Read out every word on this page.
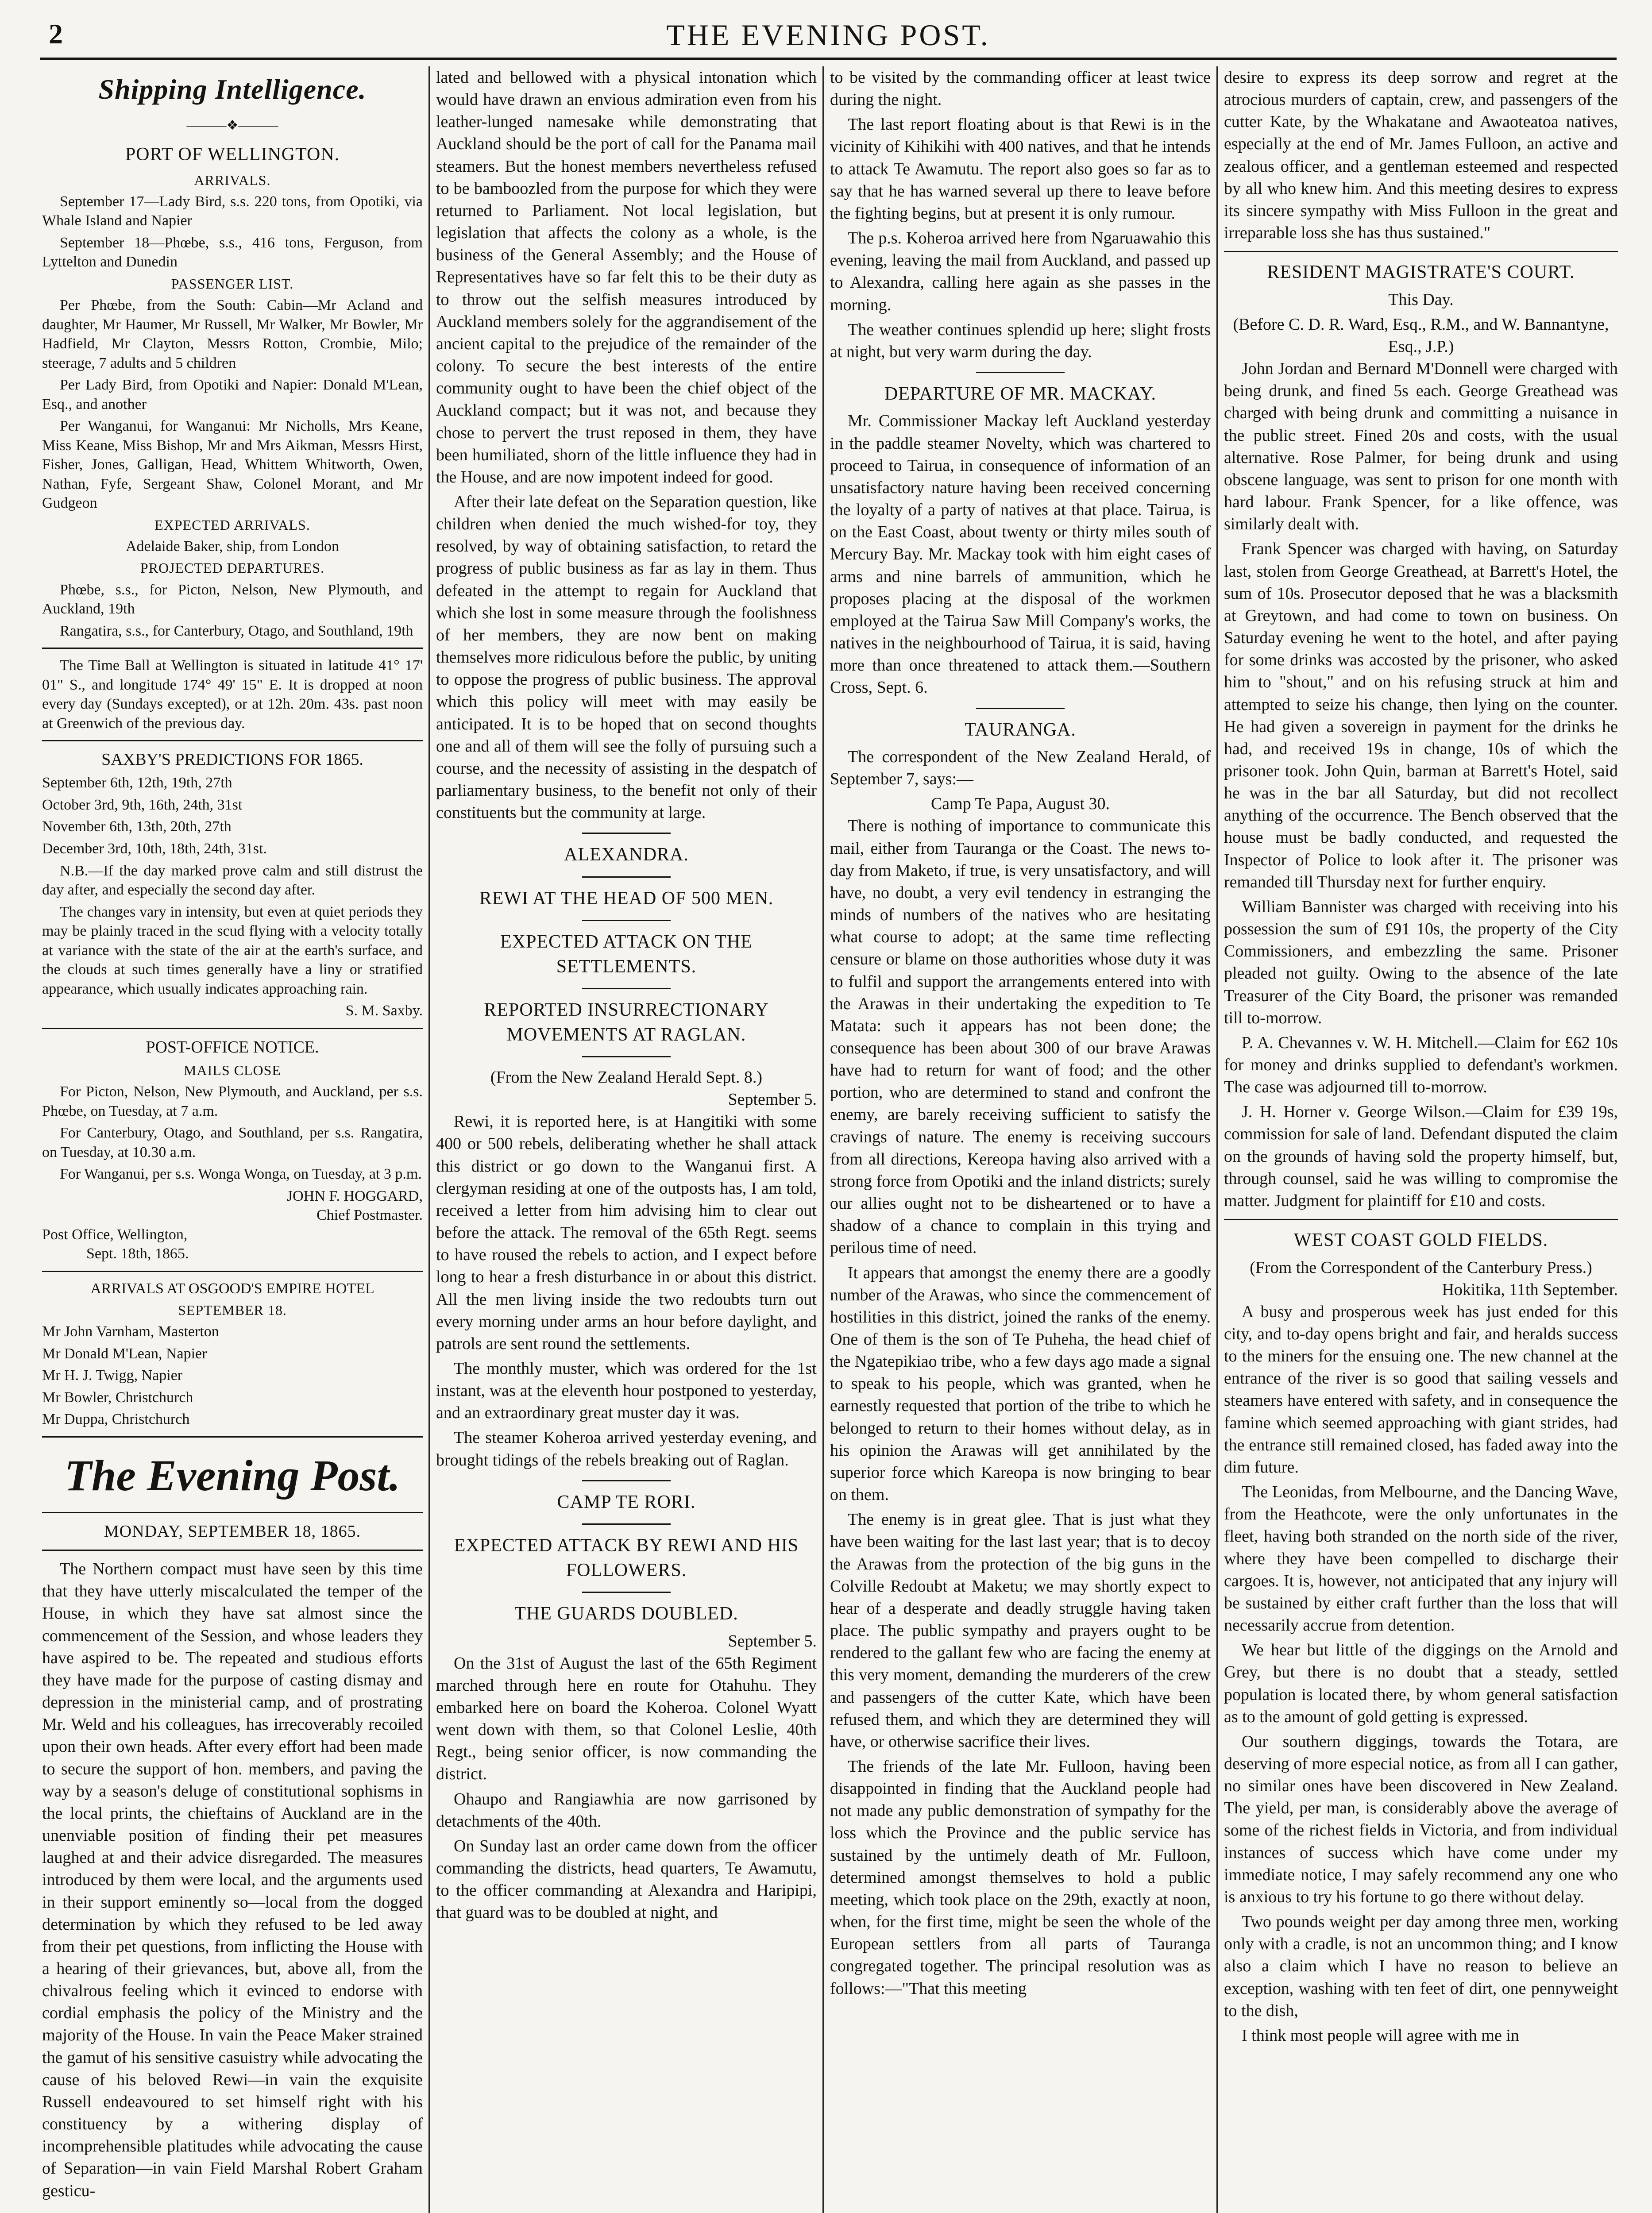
2	THE EVENING POST.
Shipping Intelligence.
———❖———
PORT OF WELLINGTON.
ARRIVALS.

September 17—Lady Bird, s.s. 220 tons, from Opotiki, via Whale Island and Napier

September 18—Phœbe, s.s., 416 tons, Ferguson, from Lyttelton and Dunedin

PASSENGER LIST.

Per Phœbe, from the South: Cabin—Mr Acland and daughter, Mr Haumer, Mr Russell, Mr Walker, Mr Bowler, Mr Hadfield, Mr Clayton, Messrs Rotton, Crombie, Milo; steerage, 7 adults and 5 children

Per Lady Bird, from Opotiki and Napier: Donald M'Lean, Esq., and another

Per Wanganui, for Wanganui: Mr Nicholls, Mrs Keane, Miss Keane, Miss Bishop, Mr and Mrs Aikman, Messrs Hirst, Fisher, Jones, Galligan, Head, Whittem Whitworth, Owen, Nathan, Fyfe, Sergeant Shaw, Colonel Morant, and Mr Gudgeon

EXPECTED ARRIVALS.
Adelaide Baker, ship, from London
PROJECTED DEPARTURES.

Phœbe, s.s., for Picton, Nelson, New Plymouth, and Auckland, 19th

Rangatira, s.s., for Canterbury, Otago, and Southland, 19th

The Time Ball at Wellington is situated in latitude 41° 17' 01" S., and longitude 174° 49' 15" E. It is dropped at noon every day (Sundays excepted), or at 12h. 20m. 43s. past noon at Greenwich of the previous day.

SAXBY'S PREDICTIONS FOR 1865.

September 6th, 12th, 19th, 27th

October 3rd, 9th, 16th, 24th, 31st

November 6th, 13th, 20th, 27th

December 3rd, 10th, 18th, 24th, 31st.

N.B.—If the day marked prove calm and still distrust the day after, and especially the second day after.

The changes vary in intensity, but even at quiet periods they may be plainly traced in the scud flying with a velocity totally at variance with the state of the air at the earth's surface, and the clouds at such times generally have a liny or stratified appearance, which usually indicates approaching rain.

S. M. Saxby.
POST-OFFICE NOTICE.
MAILS CLOSE

For Picton, Nelson, New Plymouth, and Auckland, per s.s. Phœbe, on Tuesday, at 7 a.m.

For Canterbury, Otago, and Southland, per s.s. Rangatira, on Tuesday, at 10.30 a.m.

For Wanganui, per s.s. Wonga Wonga, on Tuesday, at 3 p.m.

JOHN F. HOGGARD,
Chief Postmaster.
Post Office, Wellington,
Sept. 18th, 1865.
ARRIVALS AT OSGOOD'S EMPIRE HOTEL
SEPTEMBER 18.

Mr John Varnham, Masterton

Mr Donald M'Lean, Napier

Mr H. J. Twigg, Napier

Mr Bowler, Christchurch

Mr Duppa, Christchurch

The Evening Post.
MONDAY, SEPTEMBER 18, 1865.

The Northern compact must have seen by this time that they have utterly miscalculated the temper of the House, in which they have sat almost since the commencement of the Session, and whose leaders they have aspired to be. The repeated and studious efforts they have made for the purpose of casting dismay and depression in the ministerial camp, and of prostrating Mr. Weld and his colleagues, has irrecoverably recoiled upon their own heads. After every effort had been made to secure the support of hon. members, and paving the way by a season's deluge of constitutional sophisms in the local prints, the chieftains of Auckland are in the unenviable position of finding their pet measures laughed at and their advice disregarded. The measures introduced by them were local, and the arguments used in their support eminently so—local from the dogged determination by which they refused to be led away from their pet questions, from inflicting the House with a hearing of their grievances, but, above all, from the chivalrous feeling which it evinced to endorse with cordial emphasis the policy of the Ministry and the majority of the House. In vain the Peace Maker strained the gamut of his sensitive casuistry while advocating the cause of his beloved Rewi—in vain the exquisite Russell endeavoured to set himself right with his constituency by a withering display of incomprehensible platitudes while advocating the cause of Separation—in vain Field Marshal Robert Graham gesticu-

lated and bellowed with a physical intonation which would have drawn an envious admiration even from his leather-lunged namesake while demonstrating that Auckland should be the port of call for the Panama mail steamers. But the honest members nevertheless refused to be bamboozled from the purpose for which they were returned to Parliament. Not local legislation, but legislation that affects the colony as a whole, is the business of the General Assembly; and the House of Representatives have so far felt this to be their duty as to throw out the selfish measures introduced by Auckland members solely for the aggrandisement of the ancient capital to the prejudice of the remainder of the colony. To secure the best interests of the entire community ought to have been the chief object of the Auckland compact; but it was not, and because they chose to pervert the trust reposed in them, they have been humiliated, shorn of the little influence they had in the House, and are now impotent indeed for good.

After their late defeat on the Separation question, like children when denied the much wished-for toy, they resolved, by way of obtaining satisfaction, to retard the progress of public business as far as lay in them. Thus defeated in the attempt to regain for Auckland that which she lost in some measure through the foolishness of her members, they are now bent on making themselves more ridiculous before the public, by uniting to oppose the progress of public business. The approval which this policy will meet with may easily be anticipated. It is to be hoped that on second thoughts one and all of them will see the folly of pursuing such a course, and the necessity of assisting in the despatch of parliamentary business, to the benefit not only of their constituents but the community at large.

ALEXANDRA.
REWI AT THE HEAD OF 500 MEN.
EXPECTED ATTACK ON THE SETTLEMENTS.
REPORTED INSURRECTIONARY MOVEMENTS AT RAGLAN.
(From the New Zealand Herald Sept. 8.)
September 5.

Rewi, it is reported here, is at Hangitiki with some 400 or 500 rebels, deliberating whether he shall attack this district or go down to the Wanganui first. A clergyman residing at one of the outposts has, I am told, received a letter from him advising him to clear out before the attack. The removal of the 65th Regt. seems to have roused the rebels to action, and I expect before long to hear a fresh disturbance in or about this district. All the men living inside the two redoubts turn out every morning under arms an hour before daylight, and patrols are sent round the settlements.

The monthly muster, which was ordered for the 1st instant, was at the eleventh hour postponed to yesterday, and an extraordinary great muster day it was.

The steamer Koheroa arrived yesterday evening, and brought tidings of the rebels breaking out of Raglan.

CAMP TE RORI.
EXPECTED ATTACK BY REWI AND HIS FOLLOWERS.
THE GUARDS DOUBLED.
September 5.

On the 31st of August the last of the 65th Regiment marched through here en route for Otahuhu. They embarked here on board the Koheroa. Colonel Wyatt went down with them, so that Colonel Leslie, 40th Regt., being senior officer, is now commanding the district.

Ohaupo and Rangiawhia are now garrisoned by detachments of the 40th.

On Sunday last an order came down from the officer commanding the districts, head quarters, Te Awamutu, to the officer commanding at Alexandra and Haripipi, that guard was to be doubled at night, and

to be visited by the commanding officer at least twice during the night.

The last report floating about is that Rewi is in the vicinity of Kihikihi with 400 natives, and that he intends to attack Te Awamutu. The report also goes so far as to say that he has warned several up there to leave before the fighting begins, but at present it is only rumour.

The p.s. Koheroa arrived here from Ngaruawahio this evening, leaving the mail from Auckland, and passed up to Alexandra, calling here again as she passes in the morning.

The weather continues splendid up here; slight frosts at night, but very warm during the day.

DEPARTURE OF MR. MACKAY.

Mr. Commissioner Mackay left Auckland yesterday in the paddle steamer Novelty, which was chartered to proceed to Tairua, in consequence of information of an unsatisfactory nature having been received concerning the loyalty of a party of natives at that place. Tairua, is on the East Coast, about twenty or thirty miles south of Mercury Bay. Mr. Mackay took with him eight cases of arms and nine barrels of ammunition, which he proposes placing at the disposal of the workmen employed at the Tairua Saw Mill Company's works, the natives in the neighbourhood of Tairua, it is said, having more than once threatened to attack them.—Southern Cross, Sept. 6.

TAURANGA.

The correspondent of the New Zealand Herald, of September 7, says:—

Camp Te Papa, August 30.

There is nothing of importance to communicate this mail, either from Tauranga or the Coast. The news to-day from Maketo, if true, is very unsatisfactory, and will have, no doubt, a very evil tendency in estranging the minds of numbers of the natives who are hesitating what course to adopt; at the same time reflecting censure or blame on those authorities whose duty it was to fulfil and support the arrangements entered into with the Arawas in their undertaking the expedition to Te Matata: such it appears has not been done; the consequence has been about 300 of our brave Arawas have had to return for want of food; and the other portion, who are determined to stand and confront the enemy, are barely receiving sufficient to satisfy the cravings of nature. The enemy is receiving succours from all directions, Kereopa having also arrived with a strong force from Opotiki and the inland districts; surely our allies ought not to be disheartened or to have a shadow of a chance to complain in this trying and perilous time of need.

It appears that amongst the enemy there are a goodly number of the Arawas, who since the commencement of hostilities in this district, joined the ranks of the enemy. One of them is the son of Te Puheha, the head chief of the Ngatepikiao tribe, who a few days ago made a signal to speak to his people, which was granted, when he earnestly requested that portion of the tribe to which he belonged to return to their homes without delay, as in his opinion the Arawas will get annihilated by the superior force which Kareopa is now bringing to bear on them.

The enemy is in great glee. That is just what they have been waiting for the last last year; that is to decoy the Arawas from the protection of the big guns in the Colville Redoubt at Maketu; we may shortly expect to hear of a desperate and deadly struggle having taken place. The public sympathy and prayers ought to be rendered to the gallant few who are facing the enemy at this very moment, demanding the murderers of the crew and passengers of the cutter Kate, which have been refused them, and which they are determined they will have, or otherwise sacrifice their lives.

The friends of the late Mr. Fulloon, having been disappointed in finding that the Auckland people had not made any public demonstration of sympathy for the loss which the Province and the public service has sustained by the untimely death of Mr. Fulloon, determined amongst themselves to hold a public meeting, which took place on the 29th, exactly at noon, when, for the first time, might be seen the whole of the European settlers from all parts of Tauranga congregated together. The principal resolution was as follows:—"That this meeting

desire to express its deep sorrow and regret at the atrocious murders of captain, crew, and passengers of the cutter Kate, by the Whakatane and Awaoteatoa natives, especially at the end of Mr. James Fulloon, an active and zealous officer, and a gentleman esteemed and respected by all who knew him. And this meeting desires to express its sincere sympathy with Miss Fulloon in the great and irreparable loss she has thus sustained."

RESIDENT MAGISTRATE'S COURT.
This Day.
(Before C. D. R. Ward, Esq., R.M., and W. Bannantyne, Esq., J.P.)

John Jordan and Bernard M'Donnell were charged with being drunk, and fined 5s each. George Greathead was charged with being drunk and committing a nuisance in the public street. Fined 20s and costs, with the usual alternative. Rose Palmer, for being drunk and using obscene language, was sent to prison for one month with hard labour. Frank Spencer, for a like offence, was similarly dealt with.

Frank Spencer was charged with having, on Saturday last, stolen from George Greathead, at Barrett's Hotel, the sum of 10s. Prosecutor deposed that he was a blacksmith at Greytown, and had come to town on business. On Saturday evening he went to the hotel, and after paying for some drinks was accosted by the prisoner, who asked him to "shout," and on his refusing struck at him and attempted to seize his change, then lying on the counter. He had given a sovereign in payment for the drinks he had, and received 19s in change, 10s of which the prisoner took. John Quin, barman at Barrett's Hotel, said he was in the bar all Saturday, but did not recollect anything of the occurrence. The Bench observed that the house must be badly conducted, and requested the Inspector of Police to look after it. The prisoner was remanded till Thursday next for further enquiry.

William Bannister was charged with receiving into his possession the sum of £91 10s, the property of the City Commissioners, and embezzling the same. Prisoner pleaded not guilty. Owing to the absence of the late Treasurer of the City Board, the prisoner was remanded till to-morrow.

P. A. Chevannes v. W. H. Mitchell.—Claim for £62 10s for money and drinks supplied to defendant's workmen. The case was adjourned till to-morrow.

J. H. Horner v. George Wilson.—Claim for £39 19s, commission for sale of land. Defendant disputed the claim on the grounds of having sold the property himself, but, through counsel, said he was willing to compromise the matter. Judgment for plaintiff for £10 and costs.

WEST COAST GOLD FIELDS.
(From the Correspondent of the Canterbury Press.)
Hokitika, 11th September.

A busy and prosperous week has just ended for this city, and to-day opens bright and fair, and heralds success to the miners for the ensuing one. The new channel at the entrance of the river is so good that sailing vessels and steamers have entered with safety, and in consequence the famine which seemed approaching with giant strides, had the entrance still remained closed, has faded away into the dim future.

The Leonidas, from Melbourne, and the Dancing Wave, from the Heathcote, were the only unfortunates in the fleet, having both stranded on the north side of the river, where they have been compelled to discharge their cargoes. It is, however, not anticipated that any injury will be sustained by either craft further than the loss that will necessarily accrue from detention.

We hear but little of the diggings on the Arnold and Grey, but there is no doubt that a steady, settled population is located there, by whom general satisfaction as to the amount of gold getting is expressed.

Our southern diggings, towards the Totara, are deserving of more especial notice, as from all I can gather, no similar ones have been discovered in New Zealand. The yield, per man, is considerably above the average of some of the richest fields in Victoria, and from individual instances of success which have come under my immediate notice, I may safely recommend any one who is anxious to try his fortune to go there without delay.

Two pounds weight per day among three men, working only with a cradle, is not an uncommon thing; and I know also a claim which I have no reason to believe an exception, washing with ten feet of dirt, one pennyweight to the dish,

I think most people will agree with me in
